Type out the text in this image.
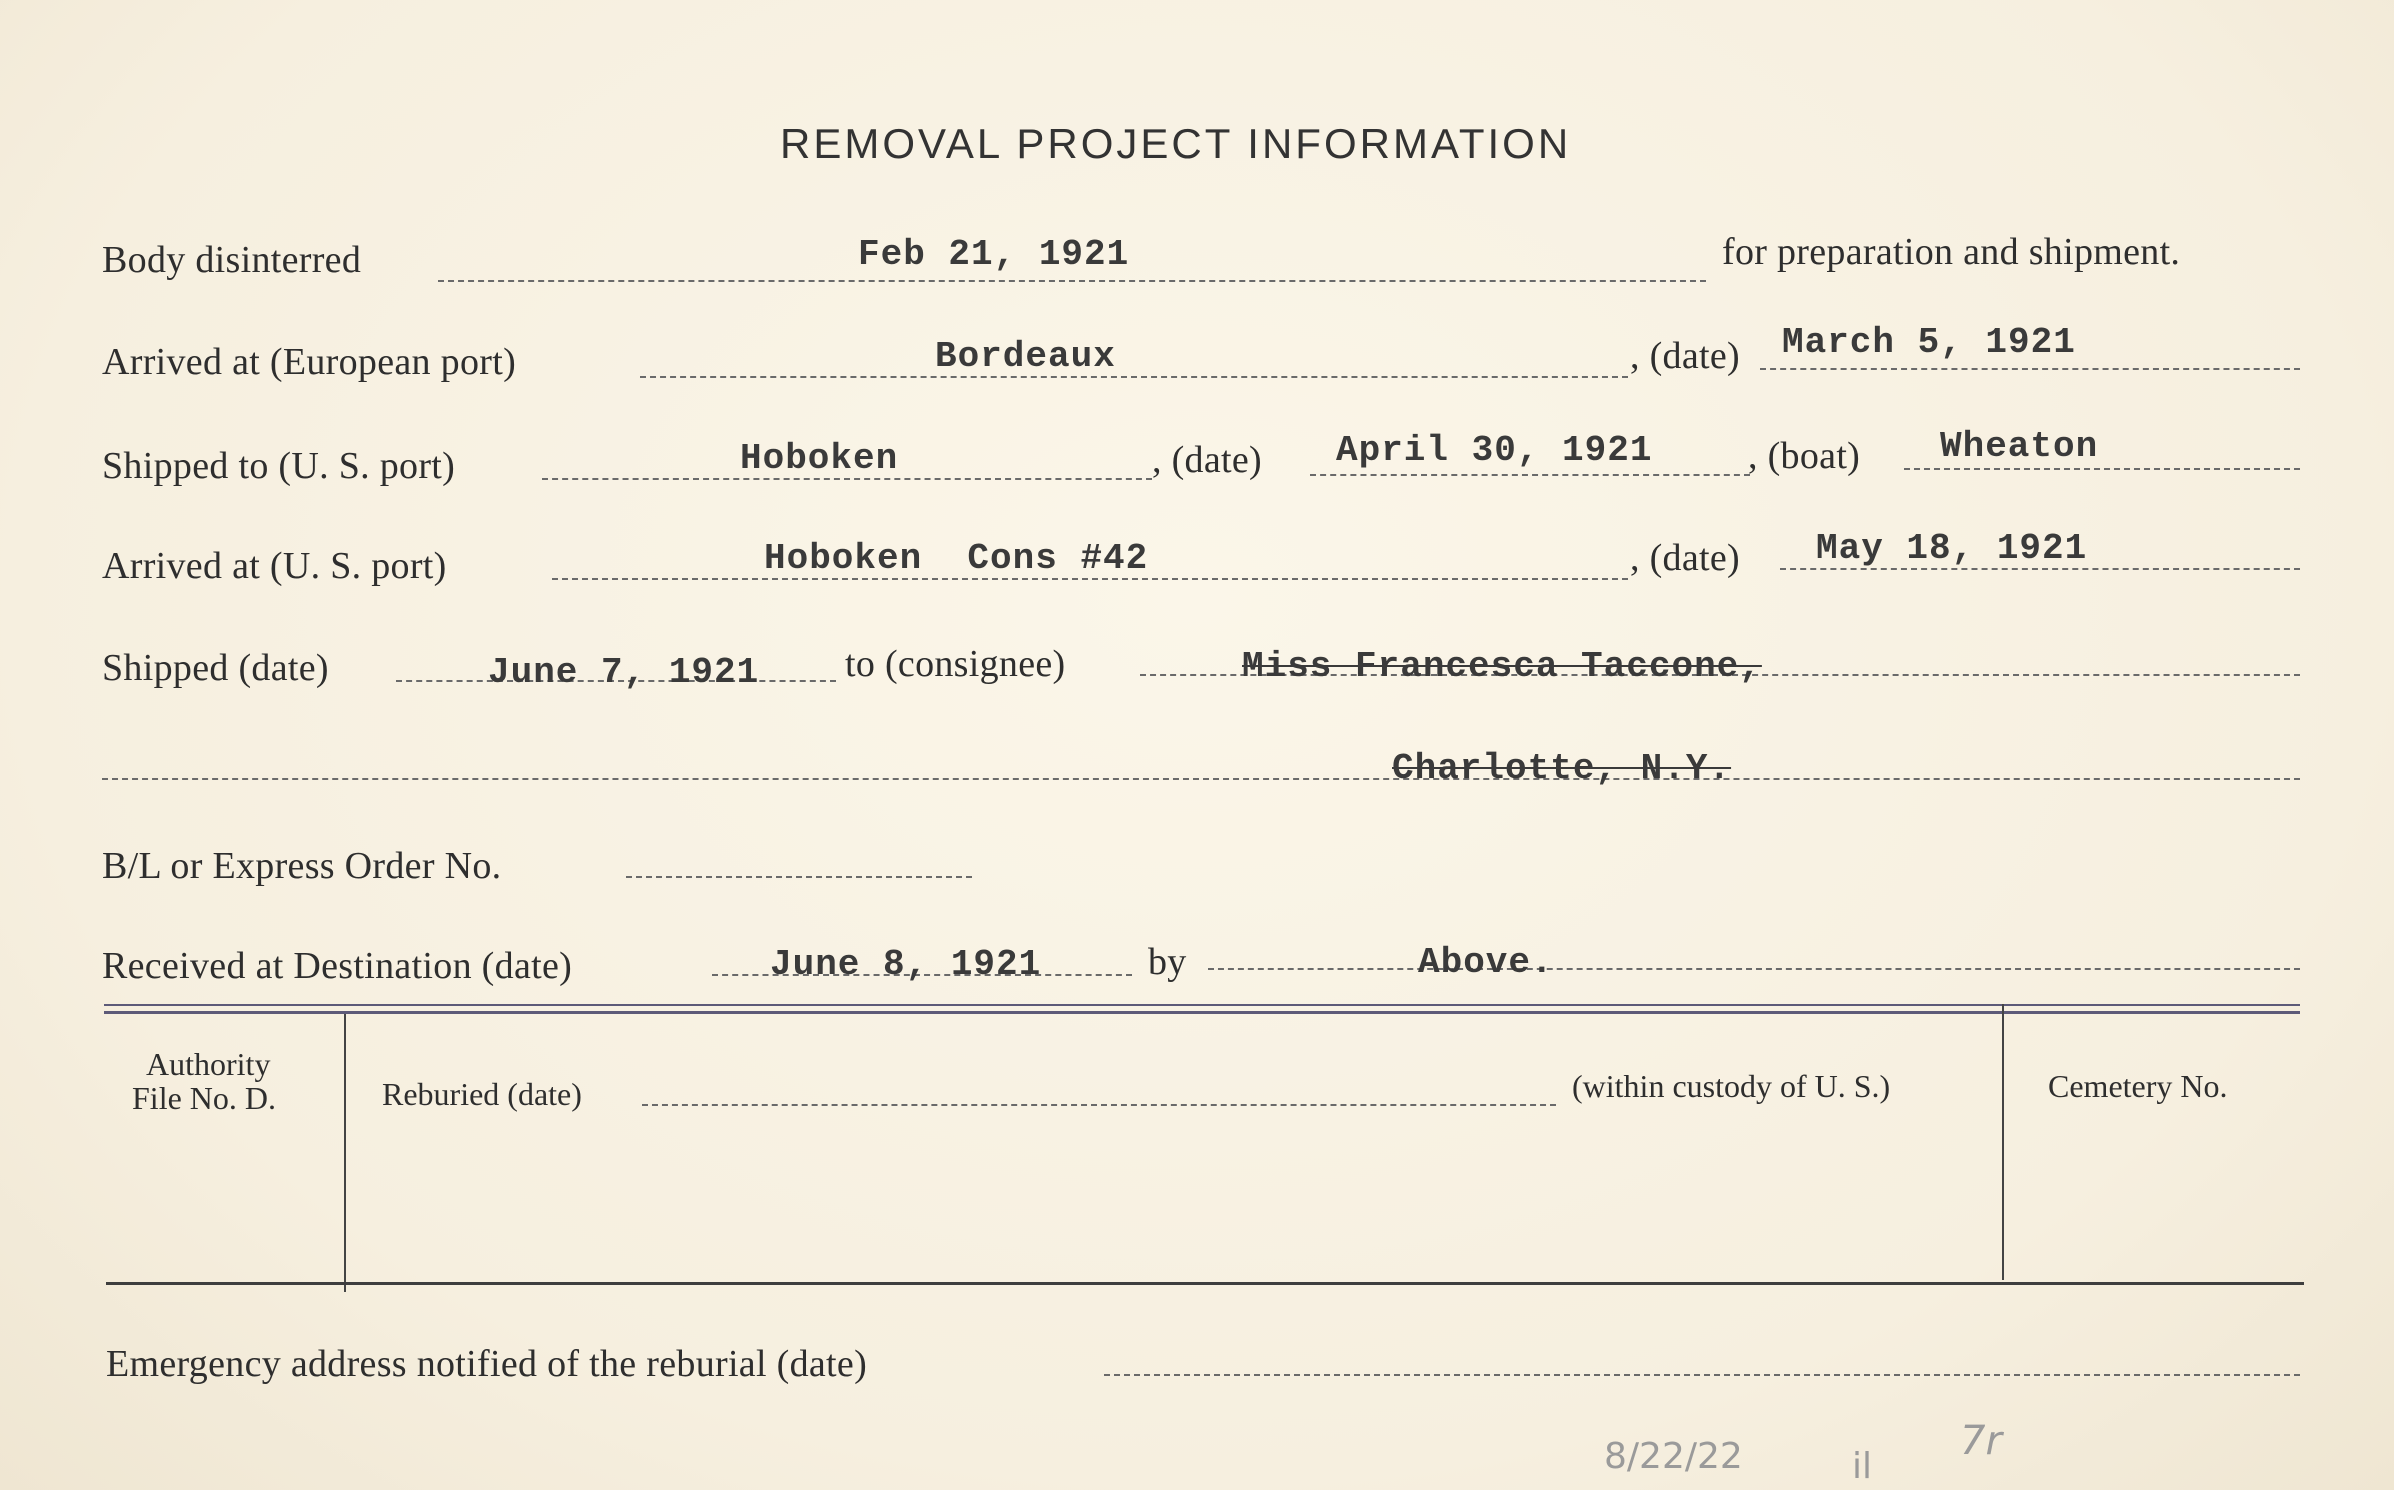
REMOVAL PROJECT INFORMATION
Body disinterred	Feb 21, 1921	for preparation and shipment.
Arrived at (European port)	Bordeaux	, (date) March 5, 1921
Shipped to (U. S. port)	Hoboken	, (date) April 30, 1921	, (boat) Wheaton
Arrived at (U. S. port)	Hoboken  Cons #42	, (date) May 18, 1921
Shipped (date)	June 7, 1921 to (consignee)	Miss Francesca Taccone,
Charlotte, N.Y.
B/L or Express Order No.
Received at Destination (date)	June 8, 1921	by	Above.
Authority
File No. D.	Reburied (date)	(within custody of U. S.)	Cemetery No.
Emergency address notified of the reburial (date)
8/22/22	il
7r
